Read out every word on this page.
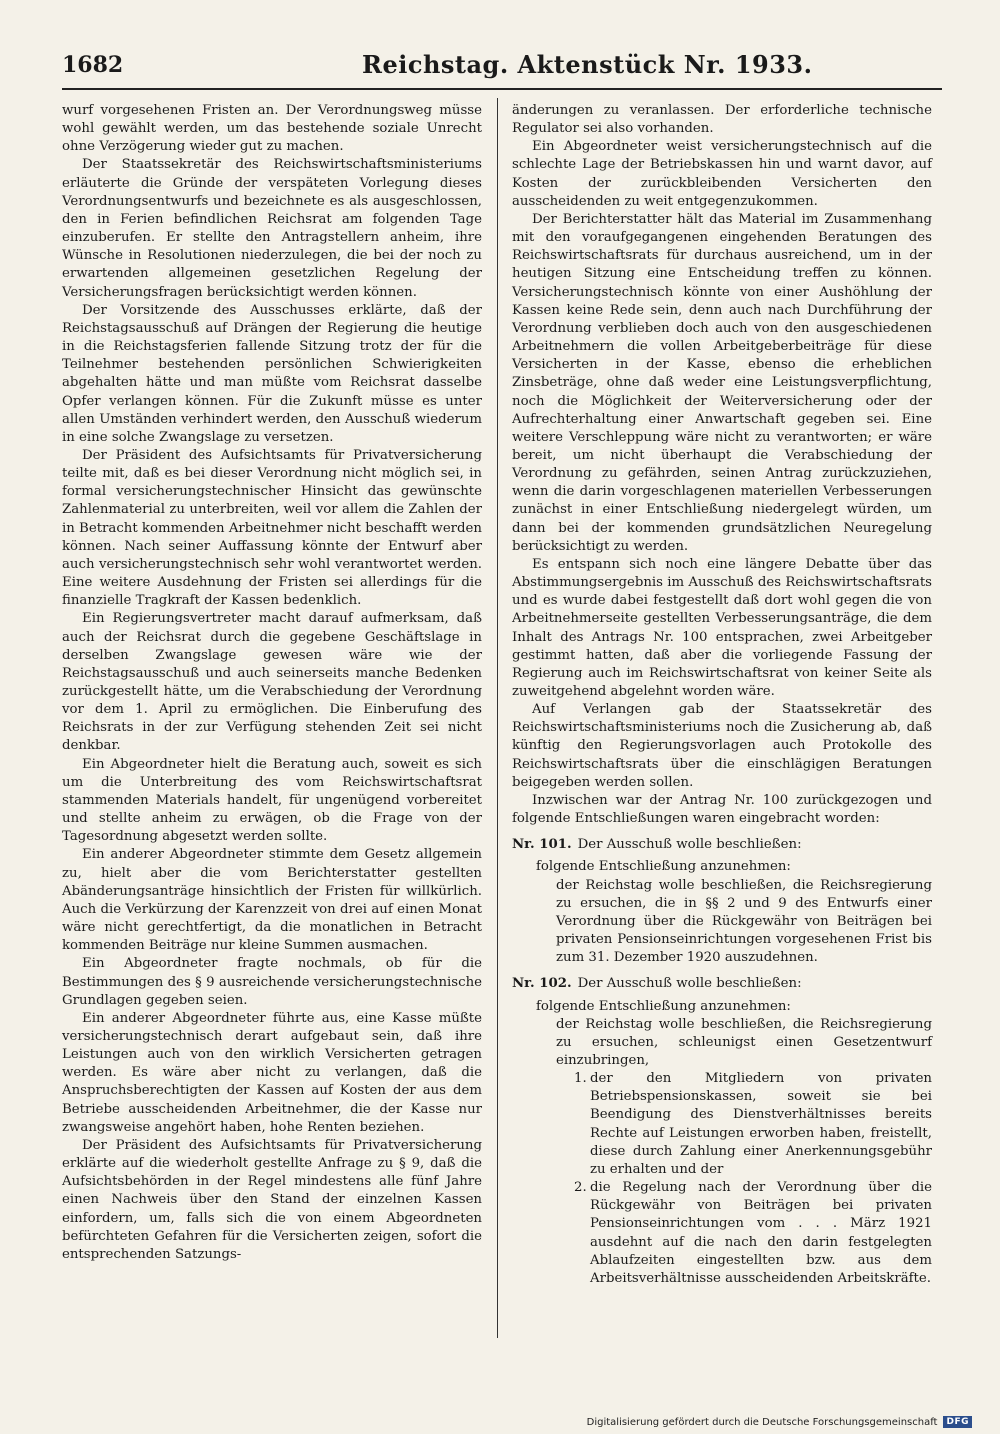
1682	Reichstag. Aktenstück Nr. 1933.

wurf vorgesehenen Fristen an. Der Verordnungsweg müsse wohl gewählt werden, um das bestehende soziale Unrecht ohne Verzögerung wieder gut zu machen.

Der Staatssekretär des Reichswirtschaftsministeriums erläuterte die Gründe der verspäteten Vorlegung dieses Verordnungsentwurfs und bezeichnete es als ausgeschlossen, den in Ferien befindlichen Reichsrat am folgenden Tage einzuberufen. Er stellte den Antragstellern anheim, ihre Wünsche in Resolutionen niederzulegen, die bei der noch zu erwartenden allgemeinen gesetzlichen Regelung der Versicherungsfragen berücksichtigt werden können.

Der Vorsitzende des Ausschusses erklärte, daß der Reichstagsausschuß auf Drängen der Regierung die heutige in die Reichstagsferien fallende Sitzung trotz der für die Teilnehmer bestehenden persönlichen Schwierigkeiten abgehalten hätte und man müßte vom Reichsrat dasselbe Opfer verlangen können. Für die Zukunft müsse es unter allen Umständen verhindert werden, den Ausschuß wiederum in eine solche Zwangslage zu versetzen.

Der Präsident des Aufsichtsamts für Privatversicherung teilte mit, daß es bei dieser Verordnung nicht möglich sei, in formal versicherungstechnischer Hinsicht das gewünschte Zahlenmaterial zu unterbreiten, weil vor allem die Zahlen der in Betracht kommenden Arbeitnehmer nicht beschafft werden können. Nach seiner Auffassung könnte der Entwurf aber auch versicherungstechnisch sehr wohl verantwortet werden. Eine weitere Ausdehnung der Fristen sei allerdings für die finanzielle Tragkraft der Kassen bedenklich.

Ein Regierungsvertreter macht darauf aufmerksam, daß auch der Reichsrat durch die gegebene Geschäftslage in derselben Zwangslage gewesen wäre wie der Reichstagsausschuß und auch seinerseits manche Bedenken zurückgestellt hätte, um die Verabschiedung der Verordnung vor dem 1. April zu ermöglichen. Die Einberufung des Reichsrats in der zur Verfügung stehenden Zeit sei nicht denkbar.

Ein Abgeordneter hielt die Beratung auch, soweit es sich um die Unterbreitung des vom Reichswirtschaftsrat stammenden Materials handelt, für ungenügend vorbereitet und stellte anheim zu erwägen, ob die Frage von der Tagesordnung abgesetzt werden sollte.

Ein anderer Abgeordneter stimmte dem Gesetz allgemein zu, hielt aber die vom Berichterstatter gestellten Abänderungsanträge hinsichtlich der Fristen für willkürlich. Auch die Verkürzung der Karenzzeit von drei auf einen Monat wäre nicht gerechtfertigt, da die monatlichen in Betracht kommenden Beiträge nur kleine Summen ausmachen.

Ein Abgeordneter fragte nochmals, ob für die Bestimmungen des § 9 ausreichende versicherungstechnische Grundlagen gegeben seien.

Ein anderer Abgeordneter führte aus, eine Kasse müßte versicherungstechnisch derart aufgebaut sein, daß ihre Leistungen auch von den wirklich Versicherten getragen werden. Es wäre aber nicht zu verlangen, daß die Anspruchsberechtigten der Kassen auf Kosten der aus dem Betriebe ausscheidenden Arbeitnehmer, die der Kasse nur zwangsweise angehört haben, hohe Renten beziehen.

Der Präsident des Aufsichtsamts für Privatversicherung erklärte auf die wiederholt gestellte Anfrage zu § 9, daß die Aufsichtsbehörden in der Regel mindestens alle fünf Jahre einen Nachweis über den Stand der einzelnen Kassen einfordern, um, falls sich die von einem Abgeordneten befürchteten Gefahren für die Versicherten zeigen, sofort die entsprechenden Satzungs-

änderungen zu veranlassen. Der erforderliche technische Regulator sei also vorhanden.

Ein Abgeordneter weist versicherungstechnisch auf die schlechte Lage der Betriebskassen hin und warnt davor, auf Kosten der zurückbleibenden Versicherten den ausscheidenden zu weit entgegenzukommen.

Der Berichterstatter hält das Material im Zusammenhang mit den voraufgegangenen eingehenden Beratungen des Reichswirtschaftsrats für durchaus ausreichend, um in der heutigen Sitzung eine Entscheidung treffen zu können. Versicherungstechnisch könnte von einer Aushöhlung der Kassen keine Rede sein, denn auch nach Durchführung der Verordnung verblieben doch auch von den ausgeschiedenen Arbeitnehmern die vollen Arbeitgeberbeiträge für diese Versicherten in der Kasse, ebenso die erheblichen Zinsbeträge, ohne daß weder eine Leistungsverpflichtung, noch die Möglichkeit der Weiterversicherung oder der Aufrechterhaltung einer Anwartschaft gegeben sei. Eine weitere Verschleppung wäre nicht zu verantworten; er wäre bereit, um nicht überhaupt die Verabschiedung der Verordnung zu gefährden, seinen Antrag zurückzuziehen, wenn die darin vorgeschlagenen materiellen Verbesserungen zunächst in einer Entschließung niedergelegt würden, um dann bei der kommenden grundsätzlichen Neuregelung berücksichtigt zu werden.

Es entspann sich noch eine längere Debatte über das Abstimmungsergebnis im Ausschuß des Reichswirtschaftsrats und es wurde dabei festgestellt daß dort wohl gegen die von Arbeitnehmerseite gestellten Verbesserungsanträge, die dem Inhalt des Antrags Nr. 100 entsprachen, zwei Arbeitgeber gestimmt hatten, daß aber die vorliegende Fassung der Regierung auch im Reichswirtschaftsrat von keiner Seite als zuweitgehend abgelehnt worden wäre.

Auf Verlangen gab der Staatssekretär des Reichswirtschaftsministeriums noch die Zusicherung ab, daß künftig den Regierungsvorlagen auch Protokolle des Reichswirtschaftsrats über die einschlägigen Beratungen beigegeben werden sollen.

Inzwischen war der Antrag Nr. 100 zurückgezogen und folgende Entschließungen waren eingebracht worden:

Nr. 101. Der Ausschuß wolle beschließen:

folgende Entschließung anzunehmen:

der Reichstag wolle beschließen, die Reichsregierung zu ersuchen, die in §§ 2 und 9 des Entwurfs einer Verordnung über die Rückgewähr von Beiträgen bei privaten Pensionseinrichtungen vorgesehenen Frist bis zum 31. Dezember 1920 auszudehnen.

Nr. 102. Der Ausschuß wolle beschließen:

folgende Entschließung anzunehmen:

der Reichstag wolle beschließen, die Reichsregierung zu ersuchen, schleunigst einen Gesetzentwurf einzubringen,

1. der den Mitgliedern von privaten Betriebspensionskassen, soweit sie bei Beendigung des Dienstverhältnisses bereits Rechte auf Leistungen erworben haben, freistellt, diese durch Zahlung einer Anerkennungsgebühr zu erhalten und der
2. die Regelung nach der Verordnung über die Rückgewähr von Beiträgen bei privaten Pensionseinrichtungen vom . . . März 1921 ausdehnt auf die nach den darin festgelegten Ablaufzeiten eingestellten bzw. aus dem Arbeitsverhältnisse ausscheidenden Arbeitskräfte.
Digitalisierung gefördert durch die Deutsche Forschungsgemeinschaft	DFG
